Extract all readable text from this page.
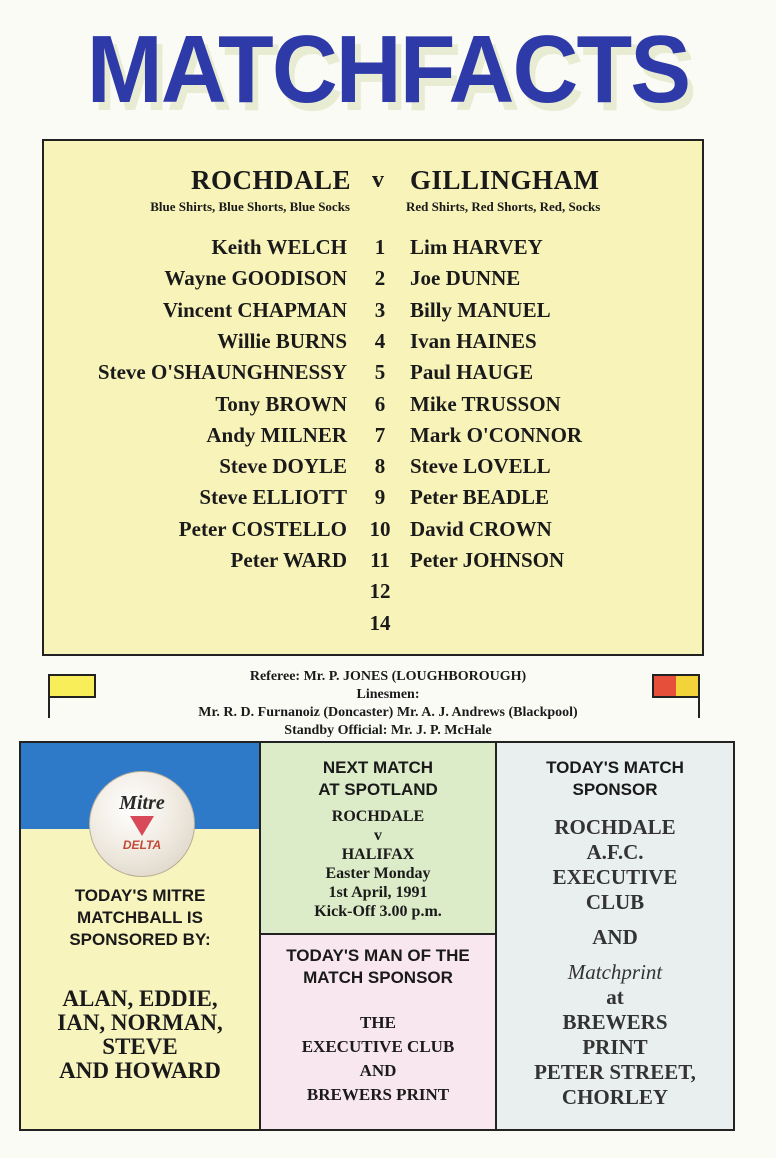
MATCHFACTS
ROCHDALE v GILLINGHAM
Blue Shirts, Blue Shorts, Blue Socks	Red Shirts, Red Shorts, Red, Socks
Keith WELCH	1	Lim HARVEY
Wayne GOODISON	2	Joe DUNNE
Vincent CHAPMAN	3	Billy MANUEL
Willie BURNS	4	Ivan HAINES
Steve O'SHAUNGHNESSY	5	Paul HAUGE
Tony BROWN	6	Mike TRUSSON
Andy MILNER	7	Mark O'CONNOR
Steve DOYLE	8	Steve LOVELL
Steve ELLIOTT	9	Peter BEADLE
Peter COSTELLO	10 David CROWN
Peter WARD	11 Peter JOHNSON
12
14
Referee: Mr. P. JONES (LOUGHBOROUGH)
Linesmen:
Mr. R. D. Furnanoiz (Doncaster) Mr. A. J. Andrews (Blackpool)
Standby Official: Mr. J. P. McHale
Mitre
DELTA
TODAY'S MITRE
MATCHBALL IS
SPONSORED BY:
ALAN, EDDIE,
IAN, NORMAN,
STEVE
AND HOWARD
NEXT MATCH
AT SPOTLAND
ROCHDALE
v
HALIFAX
Easter Monday
1st April, 1991
Kick-Off 3.00 p.m.
TODAY'S MAN OF THE
MATCH SPONSOR
THE
EXECUTIVE CLUB
AND
BREWERS PRINT
TODAY'S MATCH
SPONSOR
ROCHDALE
A.F.C.
EXECUTIVE
CLUB
AND
Matchprint
at
BREWERS
PRINT
PETER STREET,
CHORLEY
